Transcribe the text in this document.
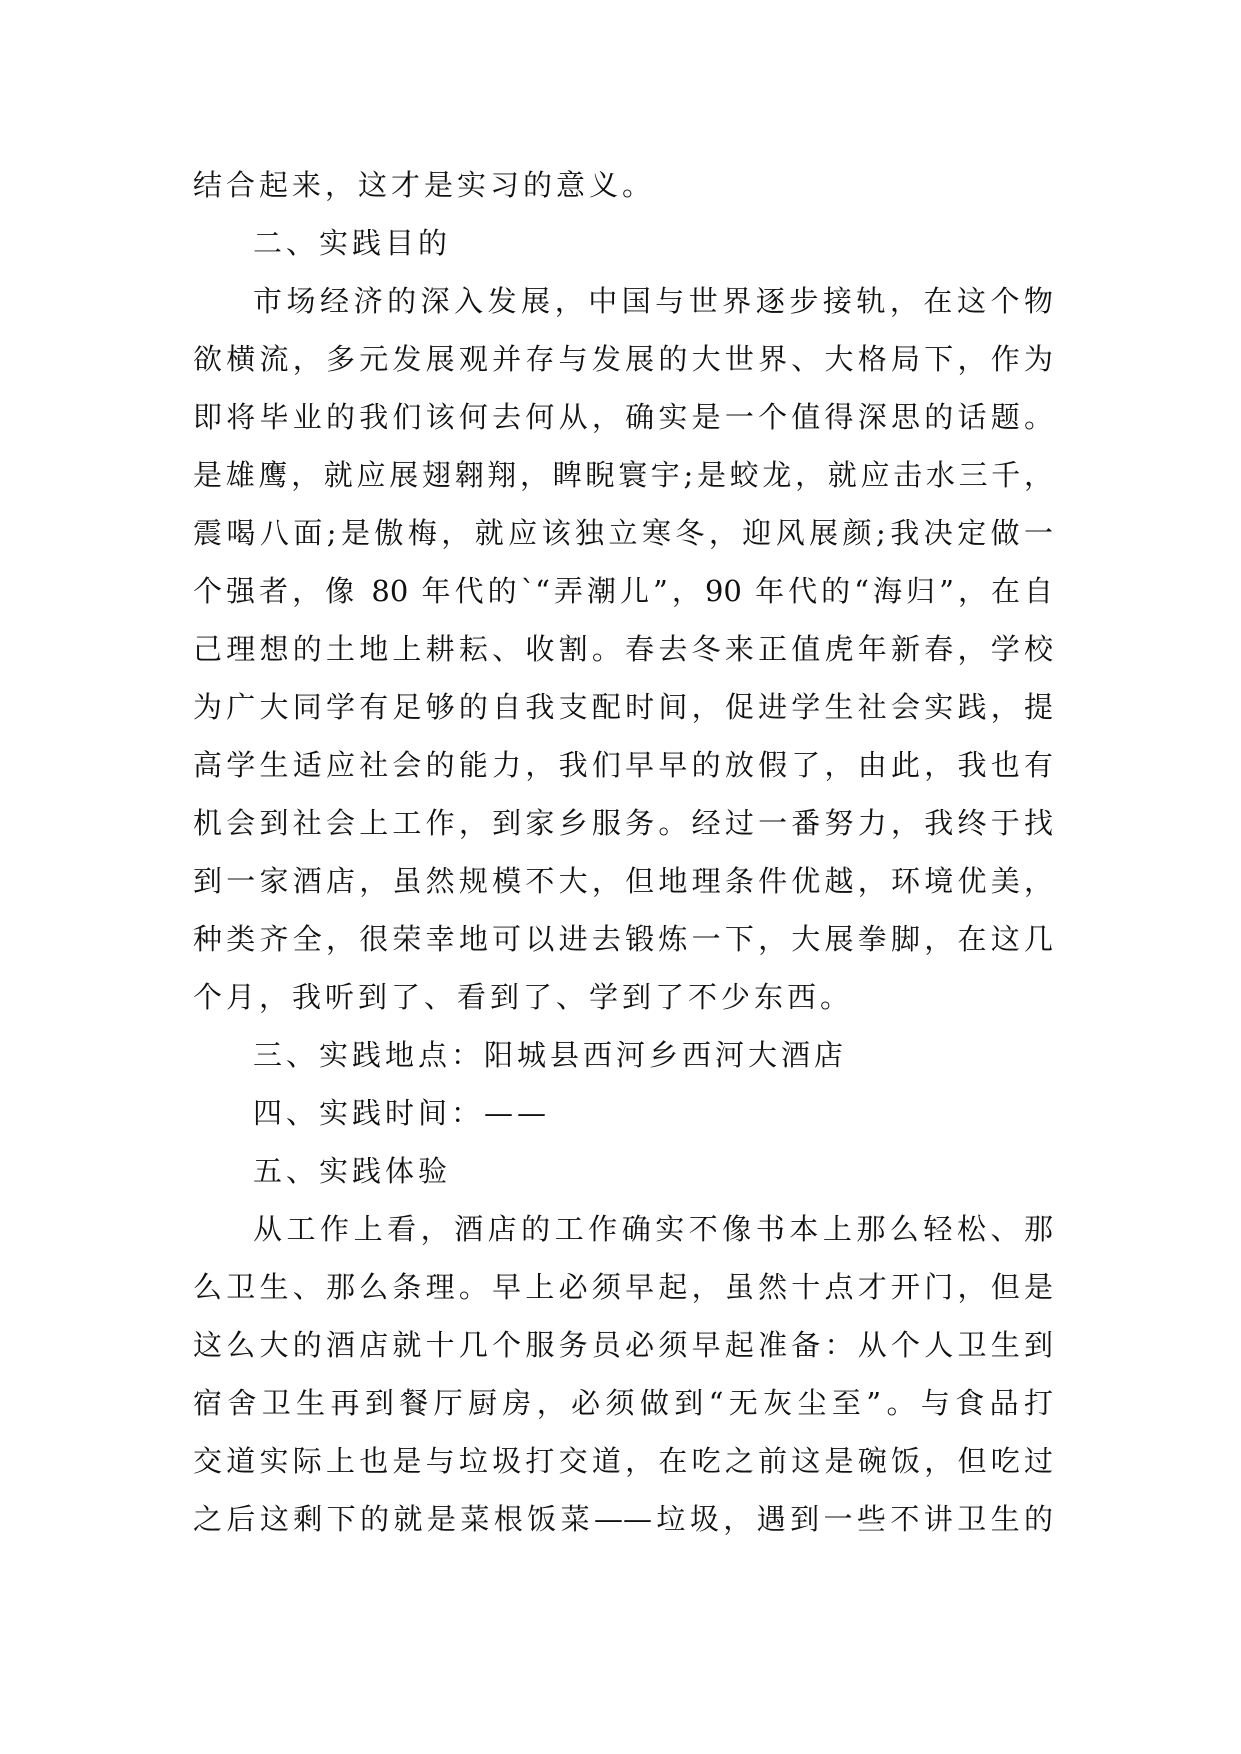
结合起来，这才是实习的意义。
二、实践目的
市场经济的深入发展，中国与世界逐步接轨，在这个物
欲横流，多元发展观并存与发展的大世界、大格局下，作为
即将毕业的我们该何去何从，确实是一个值得深思的话题。
是雄鹰，就应展翅翱翔，睥睨寰宇;是蛟龙，就应击水三千，
震喝八面;是傲梅，就应该独立寒冬，迎风展颜;我决定做一
个强者，像 80 年代的`“弄潮儿”，90 年代的“海归”，在自
己理想的土地上耕耘、收割。春去冬来正值虎年新春，学校
为广大同学有足够的自我支配时间，促进学生社会实践，提
高学生适应社会的能力，我们早早的放假了，由此，我也有
机会到社会上工作，到家乡服务。经过一番努力，我终于找
到一家酒店，虽然规模不大，但地理条件优越，环境优美，
种类齐全，很荣幸地可以进去锻炼一下，大展拳脚，在这几
个月，我听到了、看到了、学到了不少东西。
三、实践地点：阳城县西河乡西河大酒店
四、实践时间：——
五、实践体验
从工作上看，酒店的工作确实不像书本上那么轻松、那
么卫生、那么条理。早上必须早起，虽然十点才开门，但是
这么大的酒店就十几个服务员必须早起准备：从个人卫生到
宿舍卫生再到餐厅厨房，必须做到“无灰尘至”。与食品打
交道实际上也是与垃圾打交道，在吃之前这是碗饭，但吃过
之后这剩下的就是菜根饭菜——垃圾，遇到一些不讲卫生的
